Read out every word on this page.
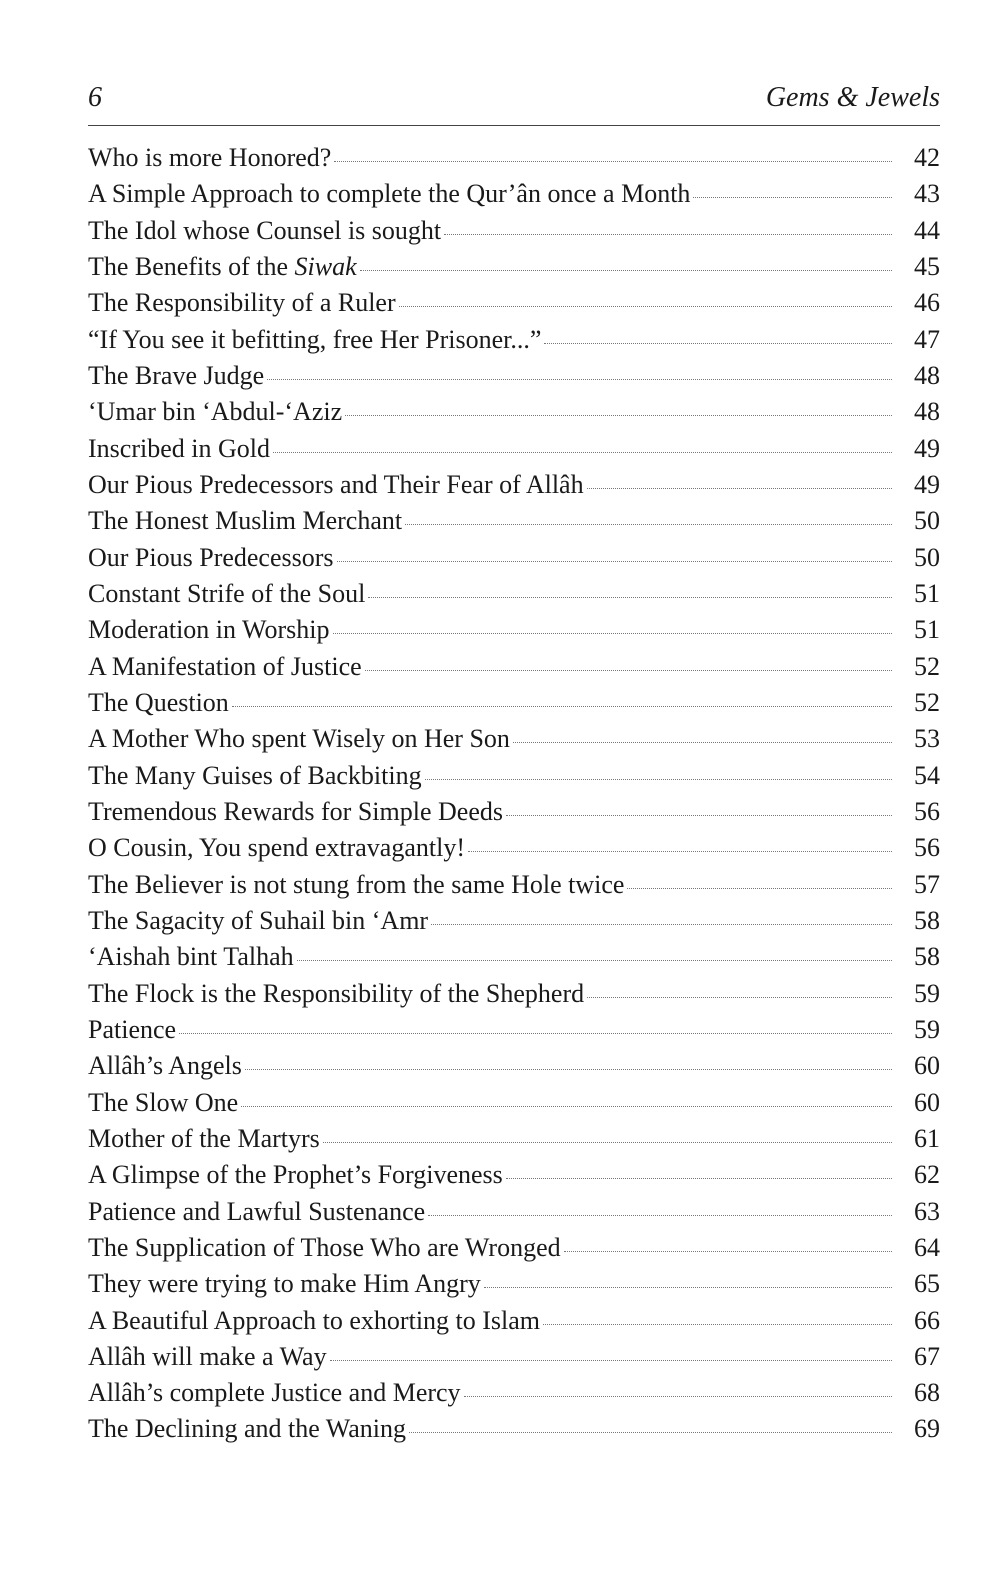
6	Gems & Jewels
Who is more Honored?	42
A Simple Approach to complete the Qur’ân once a Month	43
The Idol whose Counsel is sought	44
The Benefits of the Siwak	45
The Responsibility of a Ruler	46
“If You see it befitting, free Her Prisoner...”	47
The Brave Judge	48
‘Umar bin ‘Abdul-‘Aziz	48
Inscribed in Gold	49
Our Pious Predecessors and Their Fear of Allâh	49
The Honest Muslim Merchant	50
Our Pious Predecessors	50
Constant Strife of the Soul	51
Moderation in Worship	51
A Manifestation of Justice	52
The Question	52
A Mother Who spent Wisely on Her Son	53
The Many Guises of Backbiting	54
Tremendous Rewards for Simple Deeds	56
O Cousin, You spend extravagantly!	56
The Believer is not stung from the same Hole twice	57
The Sagacity of Suhail bin ‘Amr	58
‘Aishah bint Talhah	58
The Flock is the Responsibility of the Shepherd	59
Patience	59
Allâh’s Angels	60
The Slow One	60
Mother of the Martyrs	61
A Glimpse of the Prophet’s Forgiveness	62
Patience and Lawful Sustenance	63
The Supplication of Those Who are Wronged	64
They were trying to make Him Angry	65
A Beautiful Approach to exhorting to Islam	66
Allâh will make a Way	67
Allâh’s complete Justice and Mercy	68
The Declining and the Waning	69
